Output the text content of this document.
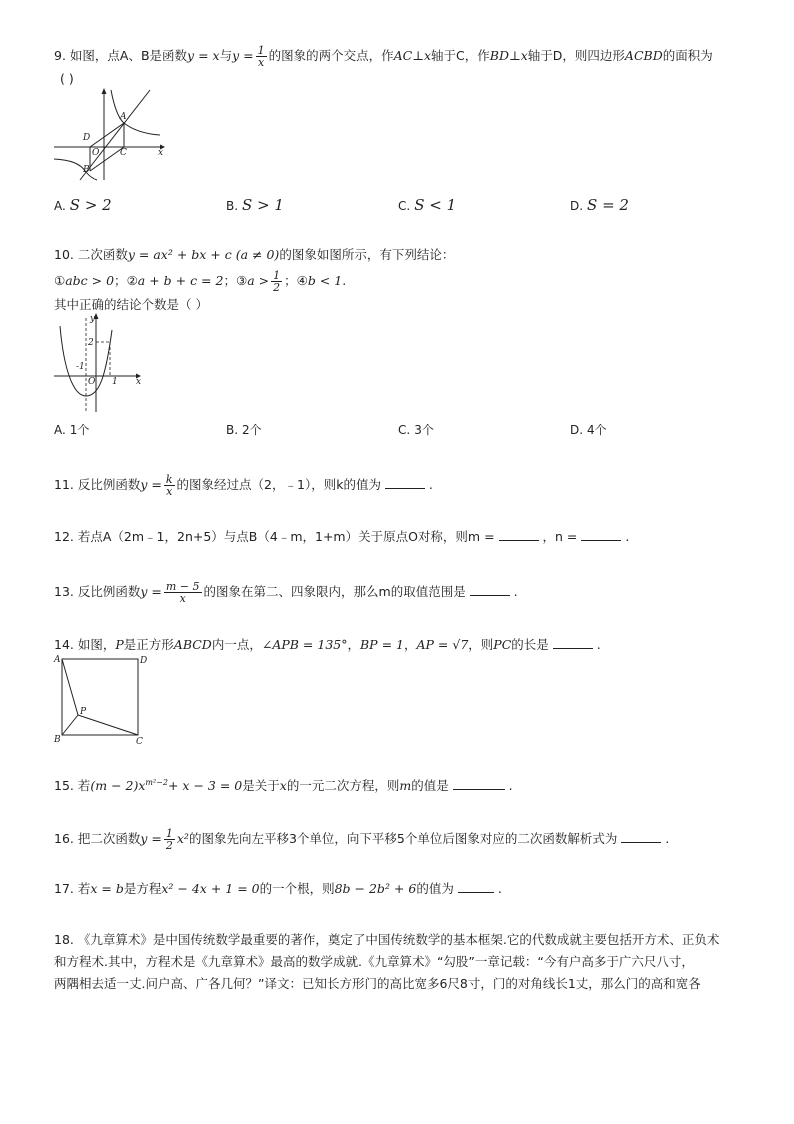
9. 如图，点A、B是函数y = x与$y = \frac{1}{x}$ 的图象的两个交点，作AC⊥x轴于C，作BD⊥x轴于D，则四边形ACBD的面积为
( )
A
B
C
D
O	x
A. S > 2	B. S > 1	C. S < 1	D. S = 2
10. 二次函数y = ax² + bx + c (a ≠ 0)的图象如图所示，有下列结论：
①abc > 0；②a + b + c = 2；③a > $\frac{1}{2}$ ；④b < 1.
其中正确的结论个数是（ ）
y
2
O 1
-1
x
A. 1个	B. 2个	C. 3个	D. 4个
11. 反比例函数$y = \frac{k}{x}$ 的图象经过点（2，﹣1），则k的值为	.
12. 若点A（2m﹣1，2n+5）与点B（4﹣m，1+m）关于原点O对称，则m =	，n =	.
13. 反比例函数$y = \frac{m - 5}{x}$ 的图象在第二、四象限内，那么m的取值范围是	.
14. 如图，P是正方形ABCD内一点，∠APB = 135°，BP = 1，AP = √7，则PC的长是	.
A
B	C
D
P
15. 若$(m - 2)x^{m^2-2}+ x - 3 = 0$是关于x的一元二次方程，则m的值是	.
16. 把二次函数$y = \frac{1}{2} x^2$的图象先向左平移3个单位，向下平移5个单位后图象对应的二次函数解析式为	.
17. 若x = b是方程x² − 4x + 1 = 0的一个根，则8b − 2b² + 6的值为	.
18. 《九章算术》是中国传统数学最重要的著作，奠定了中国传统数学的基本框架.它的代数成就主要包括开方术、正负术
和方程术.其中，方程术是《九章算术》最高的数学成就.《九章算术》“勾股”一章记载：“今有户高多于广六尺八寸，
两隅相去适一丈.问户高、广各几何？”译文：已知长方形门的高比宽多6尺8寸，门的对角线长1丈，那么门的高和宽各
